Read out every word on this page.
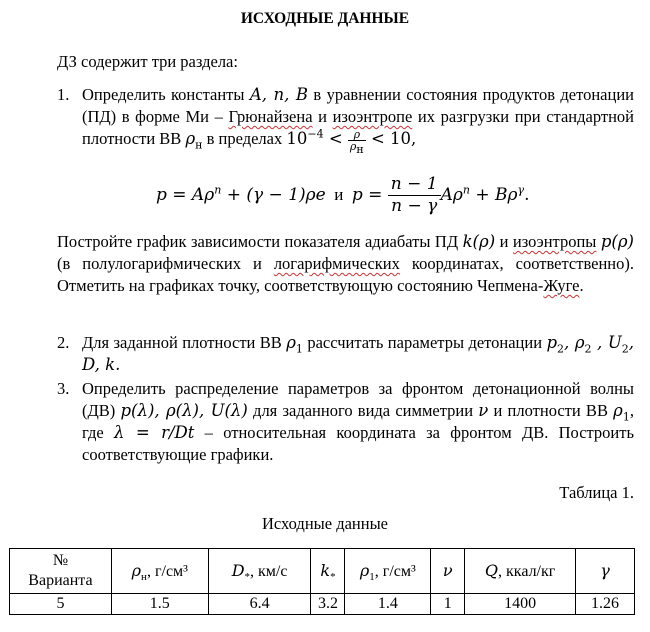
ИСХОДНЫЕ ДАННЫЕ
ДЗ содержит три раздела:
1. Определить константы A, n, B в уравнении состояния продуктов детонации (ПД) в форме Ми – Грюнайзена и изоэнтропе их разгрузки при стандартной плотности ВВ $\rho_н$ в пределах $10^{-4} < \frac{\rho}{\rho_н} < 10$,
$p = A\rho^n + (\gamma - 1)\rho e$  и  $p = \frac{n - 1}{n - \gamma} A\rho^n + B\rho^\gamma$.
Постройте график зависимости показателя адиабаты ПД k(ρ) и изоэнтропы p(ρ) (в полулогарифмических и логарифмических координатах, соответственно). Отметить на графиках точку, соответствующую состоянию Чепмена-Жуге.
2. Для заданной плотности ВВ $\rho_1$ рассчитать параметры детонации $p_2$, $\rho_2$ , $U_2$, D, k.
3. Определить распределение параметров за фронтом детонационной волны (ДВ) p(λ), ρ(λ), U(λ) для заданного вида симметрии ν и плотности ВВ $\rho_1$, где λ = r/Dt – относительная координата за фронтом ДВ. Построить соответствующие графики.
Таблица 1.
Исходные данные
№
Варианта	$\rho_н$, г/см³	$D_*$, км/с	$k_*$	$\rho_1$, г/см³	ν	Q, ккал/кг	γ
5	1.5	6.4	3.2	1.4	1	1400	1.26
